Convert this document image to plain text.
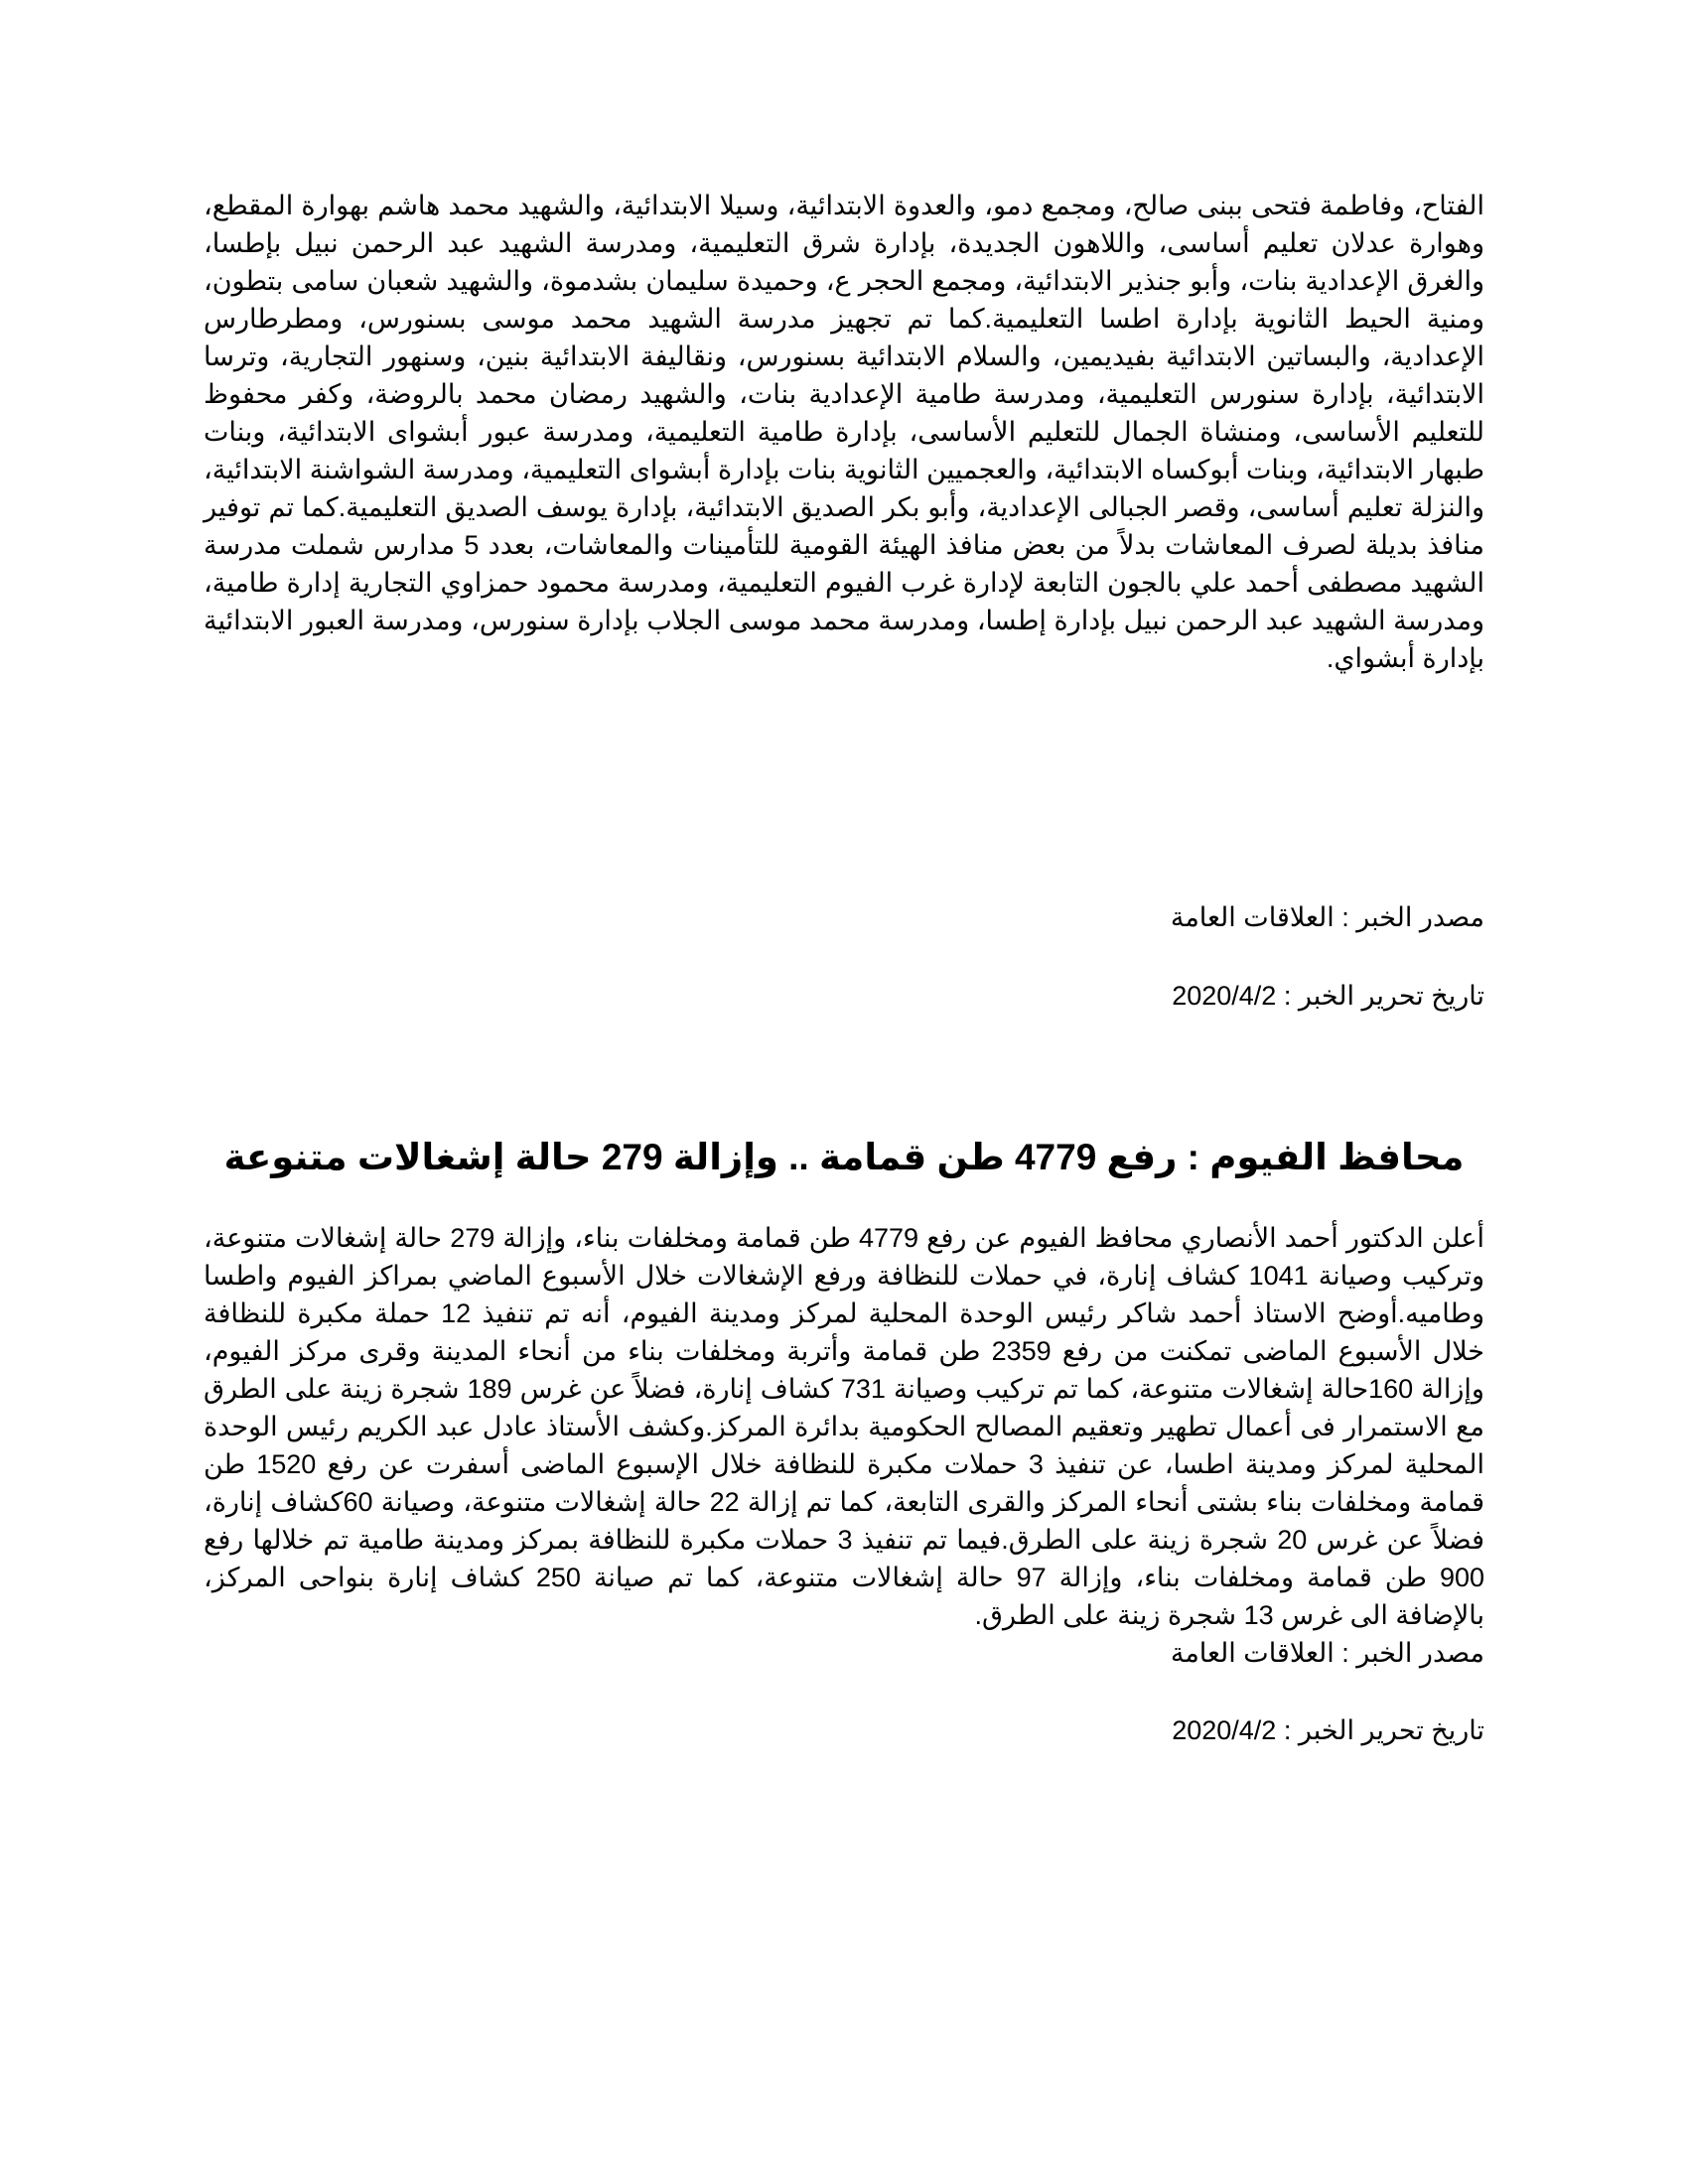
الفتاح، وفاطمة فتحى ببنى صالح، ومجمع دمو، والعدوة الابتدائية، وسيلا الابتدائية، والشهيد محمد هاشم بهوارة المقطع، وهوارة عدلان تعليم أساسى، واللاهون الجديدة، بإدارة شرق التعليمية، ومدرسة الشهيد عبد الرحمن نبيل بإطسا، والغرق الإعدادية بنات، وأبو جنذير الابتدائية، ومجمع الحجر ع، وحميدة سليمان بشدموة، والشهيد شعبان سامى بتطون، ومنية الحيط الثانوية بإدارة اطسا التعليمية.كما تم تجهيز مدرسة الشهيد محمد موسى بسنورس، ومطرطارس الإعدادية، والبساتين الابتدائية بفيديمين، والسلام الابتدائية بسنورس، ونقاليفة الابتدائية بنين، وسنهور التجارية، وترسا الابتدائية، بإدارة سنورس التعليمية، ومدرسة طامية الإعدادية بنات، والشهيد رمضان محمد بالروضة، وكفر محفوظ للتعليم الأساسى، ومنشاة الجمال للتعليم الأساسى، بإدارة طامية التعليمية، ومدرسة عبور أبشواى الابتدائية، وبنات طبهار الابتدائية، وبنات أبوكساه الابتدائية، والعجميين الثانوية بنات بإدارة أبشواى التعليمية، ومدرسة الشواشنة الابتدائية، والنزلة تعليم أساسى، وقصر الجبالى الإعدادية، وأبو بكر الصديق الابتدائية، بإدارة يوسف الصديق التعليمية.كما تم توفير منافذ بديلة لصرف المعاشات بدلاً من بعض منافذ الهيئة القومية للتأمينات والمعاشات، بعدد 5 مدارس شملت مدرسة الشهيد مصطفى أحمد علي بالجون التابعة لإدارة غرب الفيوم التعليمية، ومدرسة محمود حمزاوي التجارية إدارة طامية، ومدرسة الشهيد عبد الرحمن نبيل بإدارة إطسا، ومدرسة محمد موسى الجلاب بإدارة سنورس، ومدرسة العبور الابتدائية بإدارة أبشواي.

مصدر الخبر : العلاقات العامة

تاريخ تحرير الخبر : 2020/4/2

محافظ الفيوم : رفع 4779 طن قمامة .. وإزالة 279 حالة إشغالات متنوعة

أعلن الدكتور أحمد الأنصاري محافظ الفيوم عن رفع 4779 طن قمامة ومخلفات بناء، وإزالة 279 حالة إشغالات متنوعة، وتركيب وصيانة 1041 كشاف إنارة، في حملات للنظافة ورفع الإشغالات خلال الأسبوع الماضي بمراكز الفيوم واطسا وطاميه.أوضح الاستاذ أحمد شاكر رئيس الوحدة المحلية لمركز ومدينة الفيوم، أنه تم تنفيذ 12 حملة مكبرة للنظافة خلال الأسبوع الماضى تمكنت من رفع 2359 طن قمامة وأتربة ومخلفات بناء من أنحاء المدينة وقرى مركز الفيوم، وإزالة 160حالة إشغالات متنوعة، كما تم تركيب وصيانة 731 كشاف إنارة، فضلاً عن غرس 189 شجرة زينة على الطرق مع الاستمرار فى أعمال تطهير وتعقيم المصالح الحكومية بدائرة المركز.وكشف الأستاذ عادل عبد الكريم رئيس الوحدة المحلية لمركز ومدينة اطسا، عن تنفيذ 3 حملات مكبرة للنظافة خلال الإسبوع الماضى أسفرت عن رفع 1520 طن قمامة ومخلفات بناء بشتى أنحاء المركز والقرى التابعة، كما تم إزالة 22 حالة إشغالات متنوعة، وصيانة 60كشاف إنارة، فضلاً عن غرس 20 شجرة زينة على الطرق.فيما تم تنفيذ 3 حملات مكبرة للنظافة بمركز ومدينة طامية تم خلالها رفع 900 طن قمامة ومخلفات بناء، وإزالة 97 حالة إشغالات متنوعة، كما تم صيانة 250 كشاف إنارة بنواحى المركز، بالإضافة الى غرس 13 شجرة زينة على الطرق.

مصدر الخبر : العلاقات العامة

تاريخ تحرير الخبر : 2020/4/2
